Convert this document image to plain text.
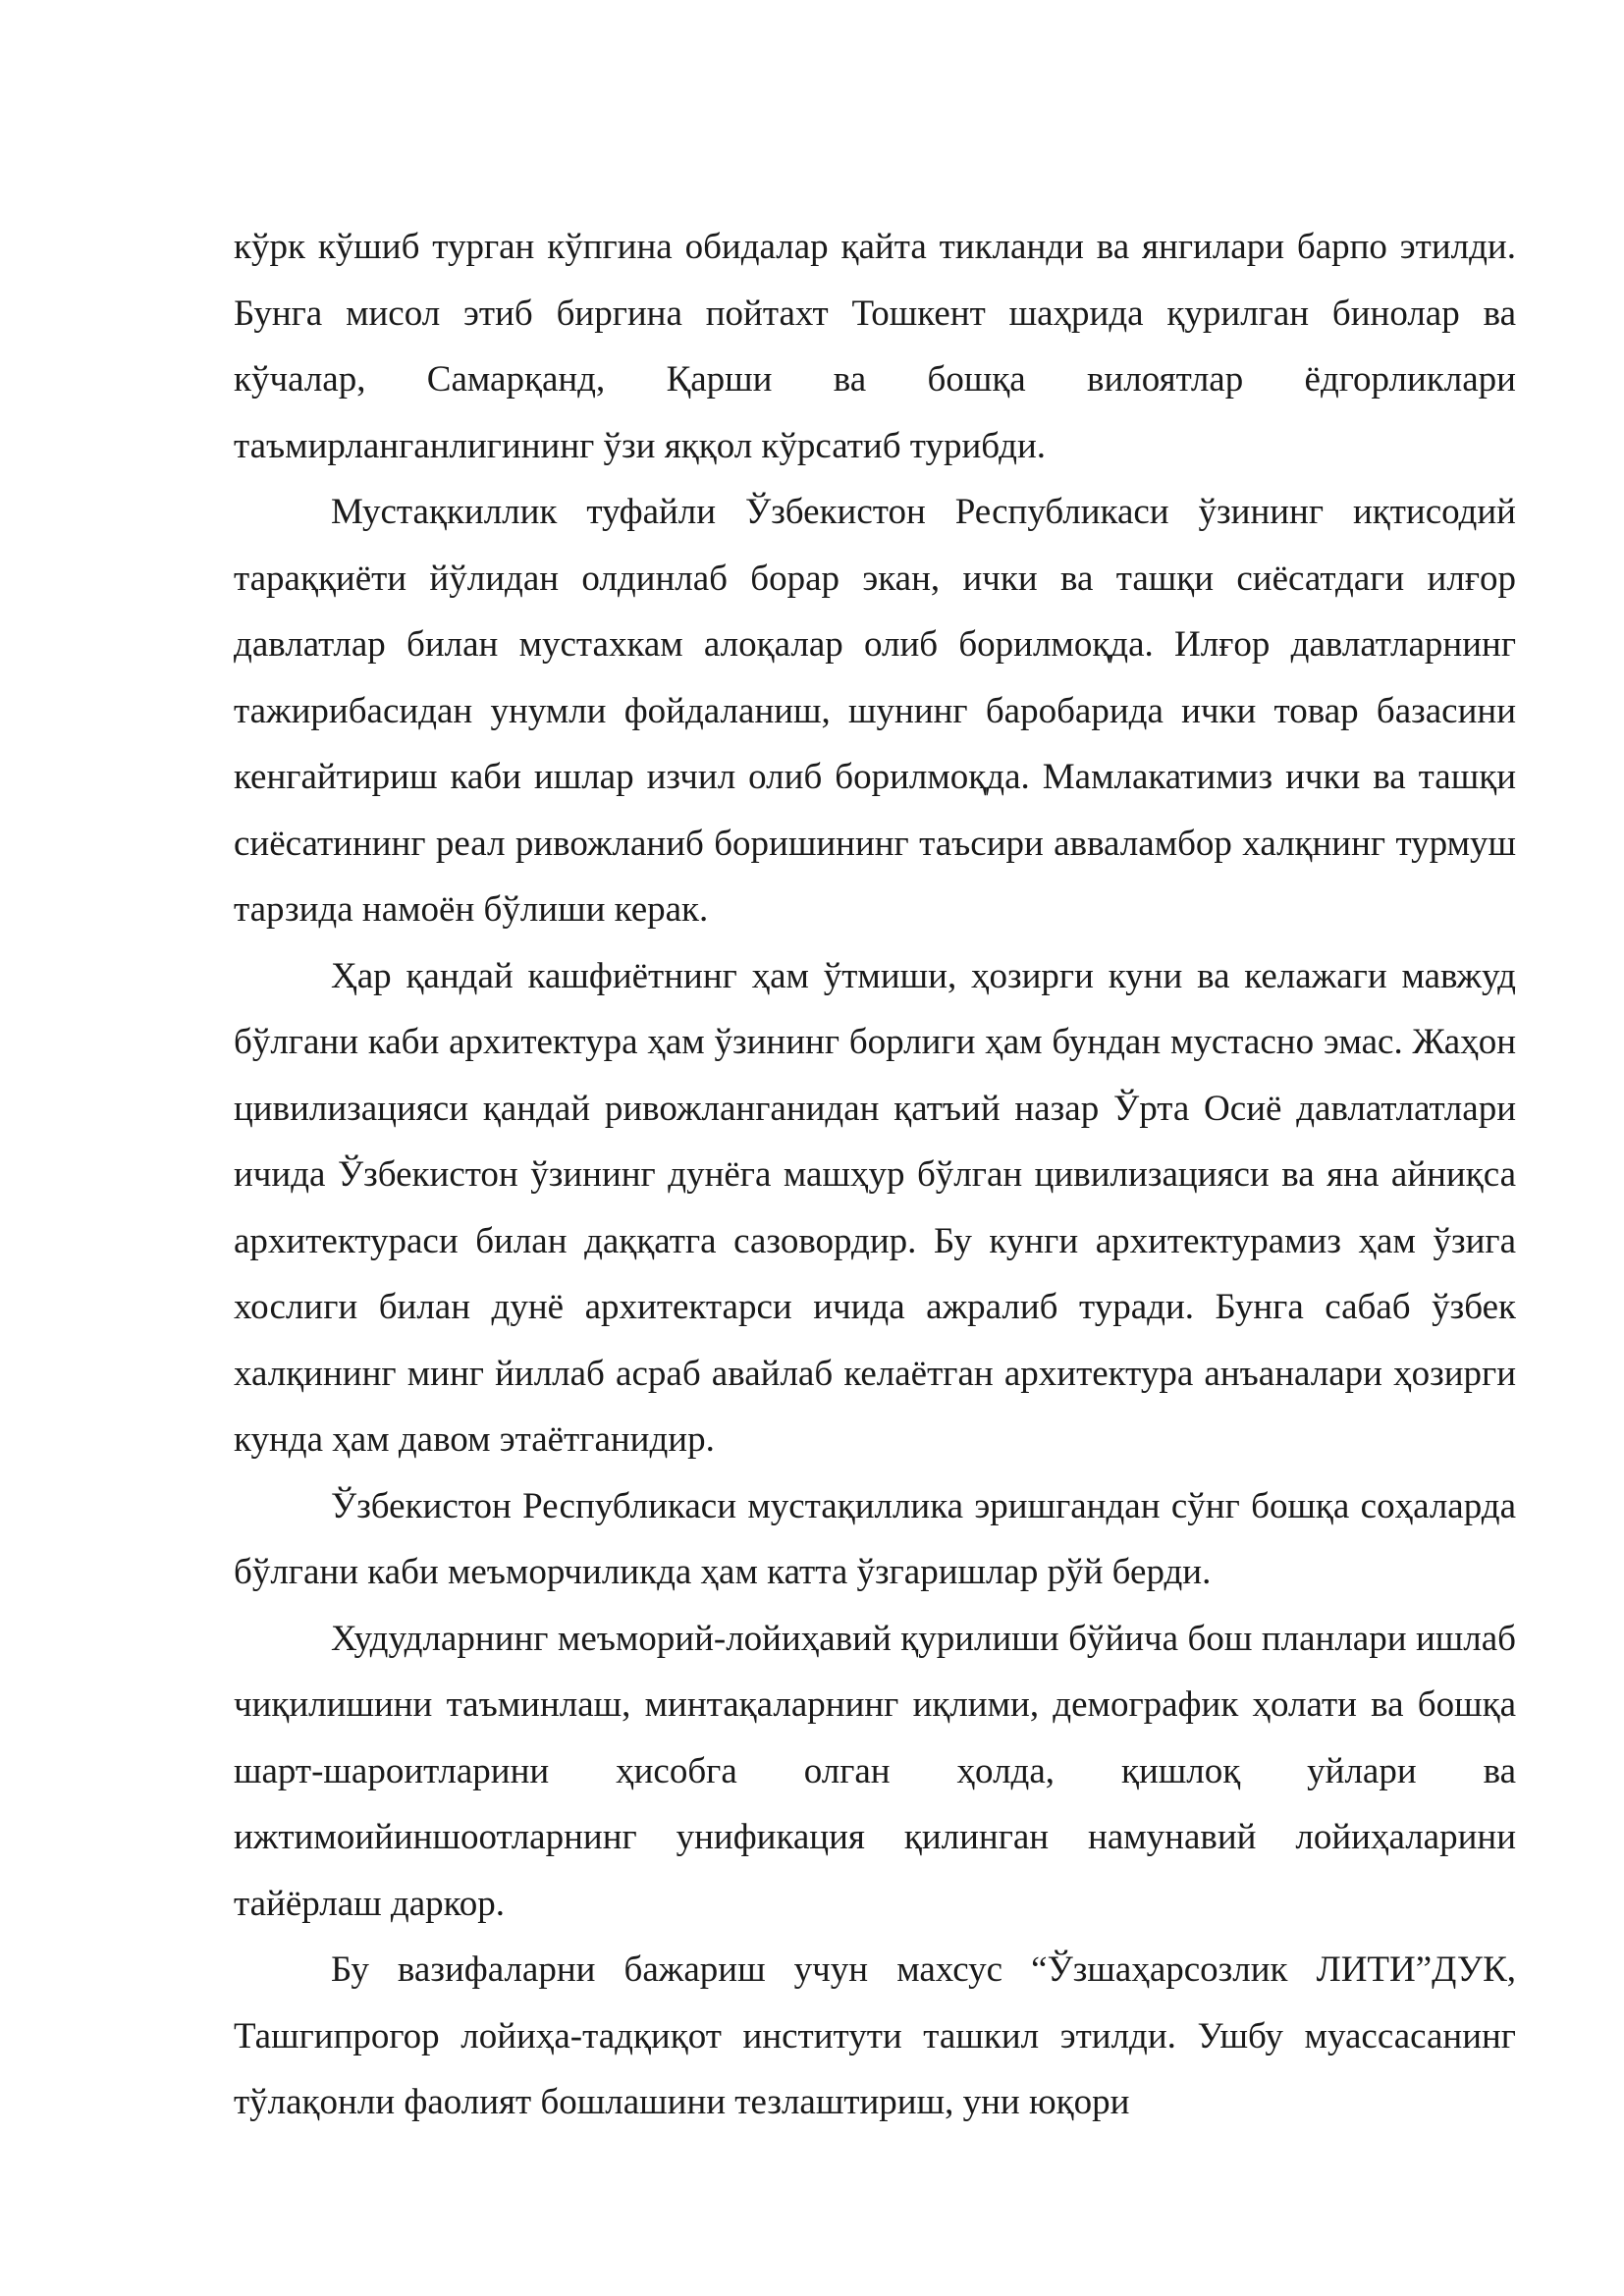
кўрк кўшиб турган кўпгина обидалар қайта тикланди ва янгилари барпо этилди. Бунга мисол этиб биргина пойтахт Тошкент шаҳрида қурилган бинолар ва кўчалар, Самарқанд, Қарши ва бошқа вилоятлар ёдгорликлари таъмирланганлигининг ўзи яққол кўрсатиб турибди.

Мустақкиллик туфайли Ўзбекистон Республикаси ўзининг иқтисодий тараққиёти йўлидан олдинлаб борар экан, ички ва ташқи сиёсатдаги илғор давлатлар билан мустахкам алоқалар олиб борилмоқда. Илғор давлатларнинг тажирибасидан унумли фойдаланиш, шунинг баробарида ички товар базасини кенгайтириш каби ишлар изчил олиб борилмоқда. Мамлакатимиз ички ва ташқи сиёсатининг реал ривожланиб боришининг таъсири авваламбор халқнинг турмуш тарзида намоён бўлиши керак.

Ҳар қандай кашфиётнинг ҳам ўтмиши, ҳозирги куни ва келажаги мавжуд бўлгани каби архитектура ҳам ўзининг борлиги ҳам бундан мустасно эмас. Жаҳон цивилизацияси қандай ривожланганидан қатъий назар Ўрта Осиё давлатлатлари ичида Ўзбекистон ўзининг дунёга машҳур бўлган цивилизацияси ва яна айниқса архитектураси билан даққатга сазовордир. Бу кунги архитектурамиз ҳам ўзига хослиги билан дунё архитектарси ичида ажралиб туради. Бунга сабаб ўзбек халқининг минг йиллаб асраб авайлаб келаётган архитектура анъаналари ҳозирги кунда ҳам давом этаётганидир.

Ўзбекистон Республикаси мустақиллика эришгандан сўнг бошқа соҳаларда бўлгани каби меъморчиликда ҳам катта ўзгаришлар рўй берди.

Худудларнинг меъморий-лойиҳавий қурилиши бўйича бош планлари ишлаб чиқилишини таъминлаш, минтақаларнинг иқлими, демографик ҳолати ва бошқа шарт-шароитларини ҳисобга олган ҳолда, қишлоқ уйлари ва ижтимоийиншоотларнинг унификация қилинган намунавий лойиҳаларини тайёрлаш даркор.

Бу вазифаларни бажариш учун махсус “Ўзшаҳарсозлик ЛИТИ”ДУК, Ташгипрогор лойиҳа-тадқиқот институти ташкил этилди. Ушбу муассасанинг тўлақонли фаолият бошлашини тезлаштириш, уни юқори
